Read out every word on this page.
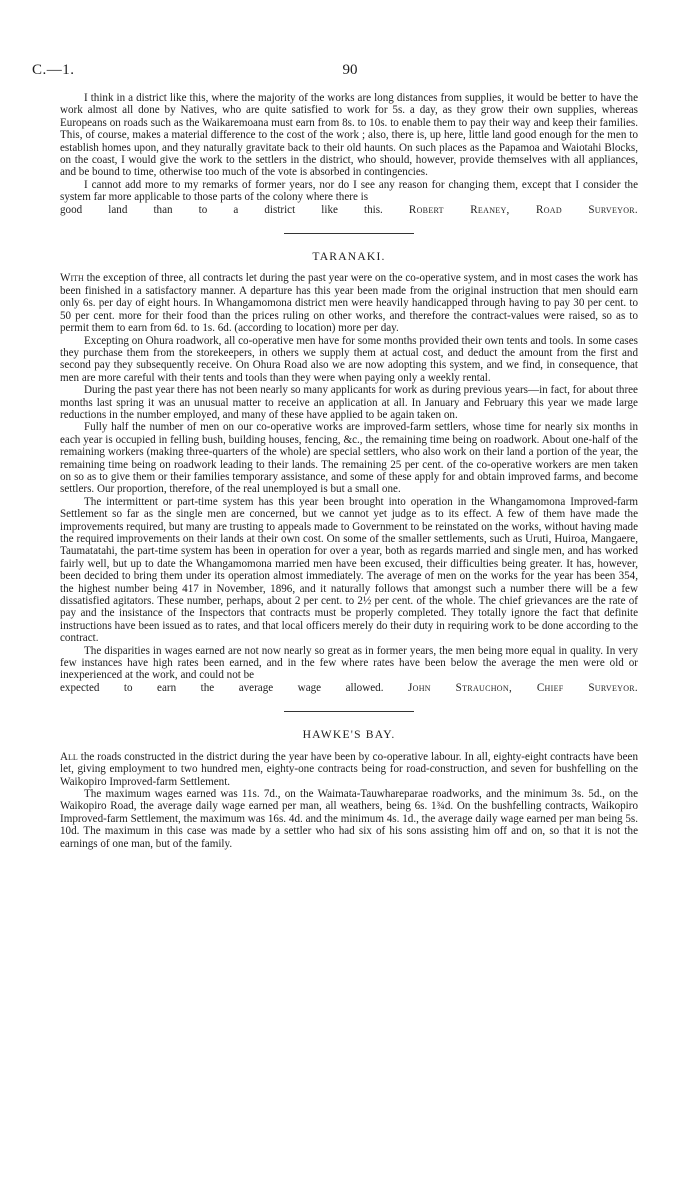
C.—1.	90

I think in a district like this, where the majority of the works are long distances from supplies, it would be better to have the work almost all done by Natives, who are quite satisfied to work for 5s. a day, as they grow their own supplies, whereas Europeans on roads such as the Waikaremoana must earn from 8s. to 10s. to enable them to pay their way and keep their families. This, of course, makes a material difference to the cost of the work ; also, there is, up here, little land good enough for the men to establish homes upon, and they naturally gravitate back to their old haunts. On such places as the Papamoa and Waiotahi Blocks, on the coast, I would give the work to the settlers in the district, who should, however, provide themselves with all appliances, and be bound to time, otherwise too much of the vote is absorbed in contingencies.

I cannot add more to my remarks of former years, nor do I see any reason for changing them, except that I consider the system far more applicable to those parts of the colony where there is

good land than to a district like this. Robert Reaney, Road Surveyor.
TARANAKI.

With the exception of three, all contracts let during the past year were on the co-operative system, and in most cases the work has been finished in a satisfactory manner. A departure has this year been made from the original instruction that men should earn only 6s. per day of eight hours. In Whangamomona district men were heavily handicapped through having to pay 30 per cent. to 50 per cent. more for their food than the prices ruling on other works, and therefore the contract-values were raised, so as to permit them to earn from 6d. to 1s. 6d. (according to location) more per day.

Excepting on Ohura roadwork, all co-operative men have for some months provided their own tents and tools. In some cases they purchase them from the storekeepers, in others we supply them at actual cost, and deduct the amount from the first and second pay they subsequently receive. On Ohura Road also we are now adopting this system, and we find, in consequence, that men are more careful with their tents and tools than they were when paying only a weekly rental.

During the past year there has not been nearly so many applicants for work as during previous years—in fact, for about three months last spring it was an unusual matter to receive an application at all. In January and February this year we made large reductions in the number employed, and many of these have applied to be again taken on.

Fully half the number of men on our co-operative works are improved-farm settlers, whose time for nearly six months in each year is occupied in felling bush, building houses, fencing, &c., the remaining time being on roadwork. About one-half of the remaining workers (making three-quarters of the whole) are special settlers, who also work on their land a portion of the year, the remaining time being on roadwork leading to their lands. The remaining 25 per cent. of the co-operative workers are men taken on so as to give them or their families temporary assistance, and some of these apply for and obtain improved farms, and become settlers. Our proportion, therefore, of the real unemployed is but a small one.

The intermittent or part-time system has this year been brought into operation in the Whangamomona Improved-farm Settlement so far as the single men are concerned, but we cannot yet judge as to its effect. A few of them have made the improvements required, but many are trusting to appeals made to Government to be reinstated on the works, without having made the required improvements on their lands at their own cost. On some of the smaller settlements, such as Uruti, Huiroa, Mangaere, Taumatatahi, the part-time system has been in operation for over a year, both as regards married and single men, and has worked fairly well, but up to date the Whangamomona married men have been excused, their difficulties being greater. It has, however, been decided to bring them under its operation almost immediately. The average of men on the works for the year has been 354, the highest number being 417 in November, 1896, and it naturally follows that amongst such a number there will be a few dissatisfied agitators. These number, perhaps, about 2 per cent. to 2½ per cent. of the whole. The chief grievances are the rate of pay and the insistance of the Inspectors that contracts must be properly completed. They totally ignore the fact that definite instructions have been issued as to rates, and that local officers merely do their duty in requiring work to be done according to the contract.

The disparities in wages earned are not now nearly so great as in former years, the men being more equal in quality. In very few instances have high rates been earned, and in the few where rates have been below the average the men were old or inexperienced at the work, and could not be

expected to earn the average wage allowed. John Strauchon, Chief Surveyor.
HAWKE'S BAY.

All the roads constructed in the district during the year have been by co-operative labour. In all, eighty-eight contracts have been let, giving employment to two hundred men, eighty-one contracts being for road-construction, and seven for bushfelling on the Waikopiro Improved-farm Settlement.

The maximum wages earned was 11s. 7d., on the Waimata-Tauwhareparae roadworks, and the minimum 3s. 5d., on the Waikopiro Road, the average daily wage earned per man, all weathers, being 6s. 1¾d. On the bushfelling contracts, Waikopiro Improved-farm Settlement, the maximum was 16s. 4d. and the minimum 4s. 1d., the average daily wage earned per man being 5s. 10d. The maximum in this case was made by a settler who had six of his sons assisting him off and on, so that it is not the earnings of one man, but of the family.
